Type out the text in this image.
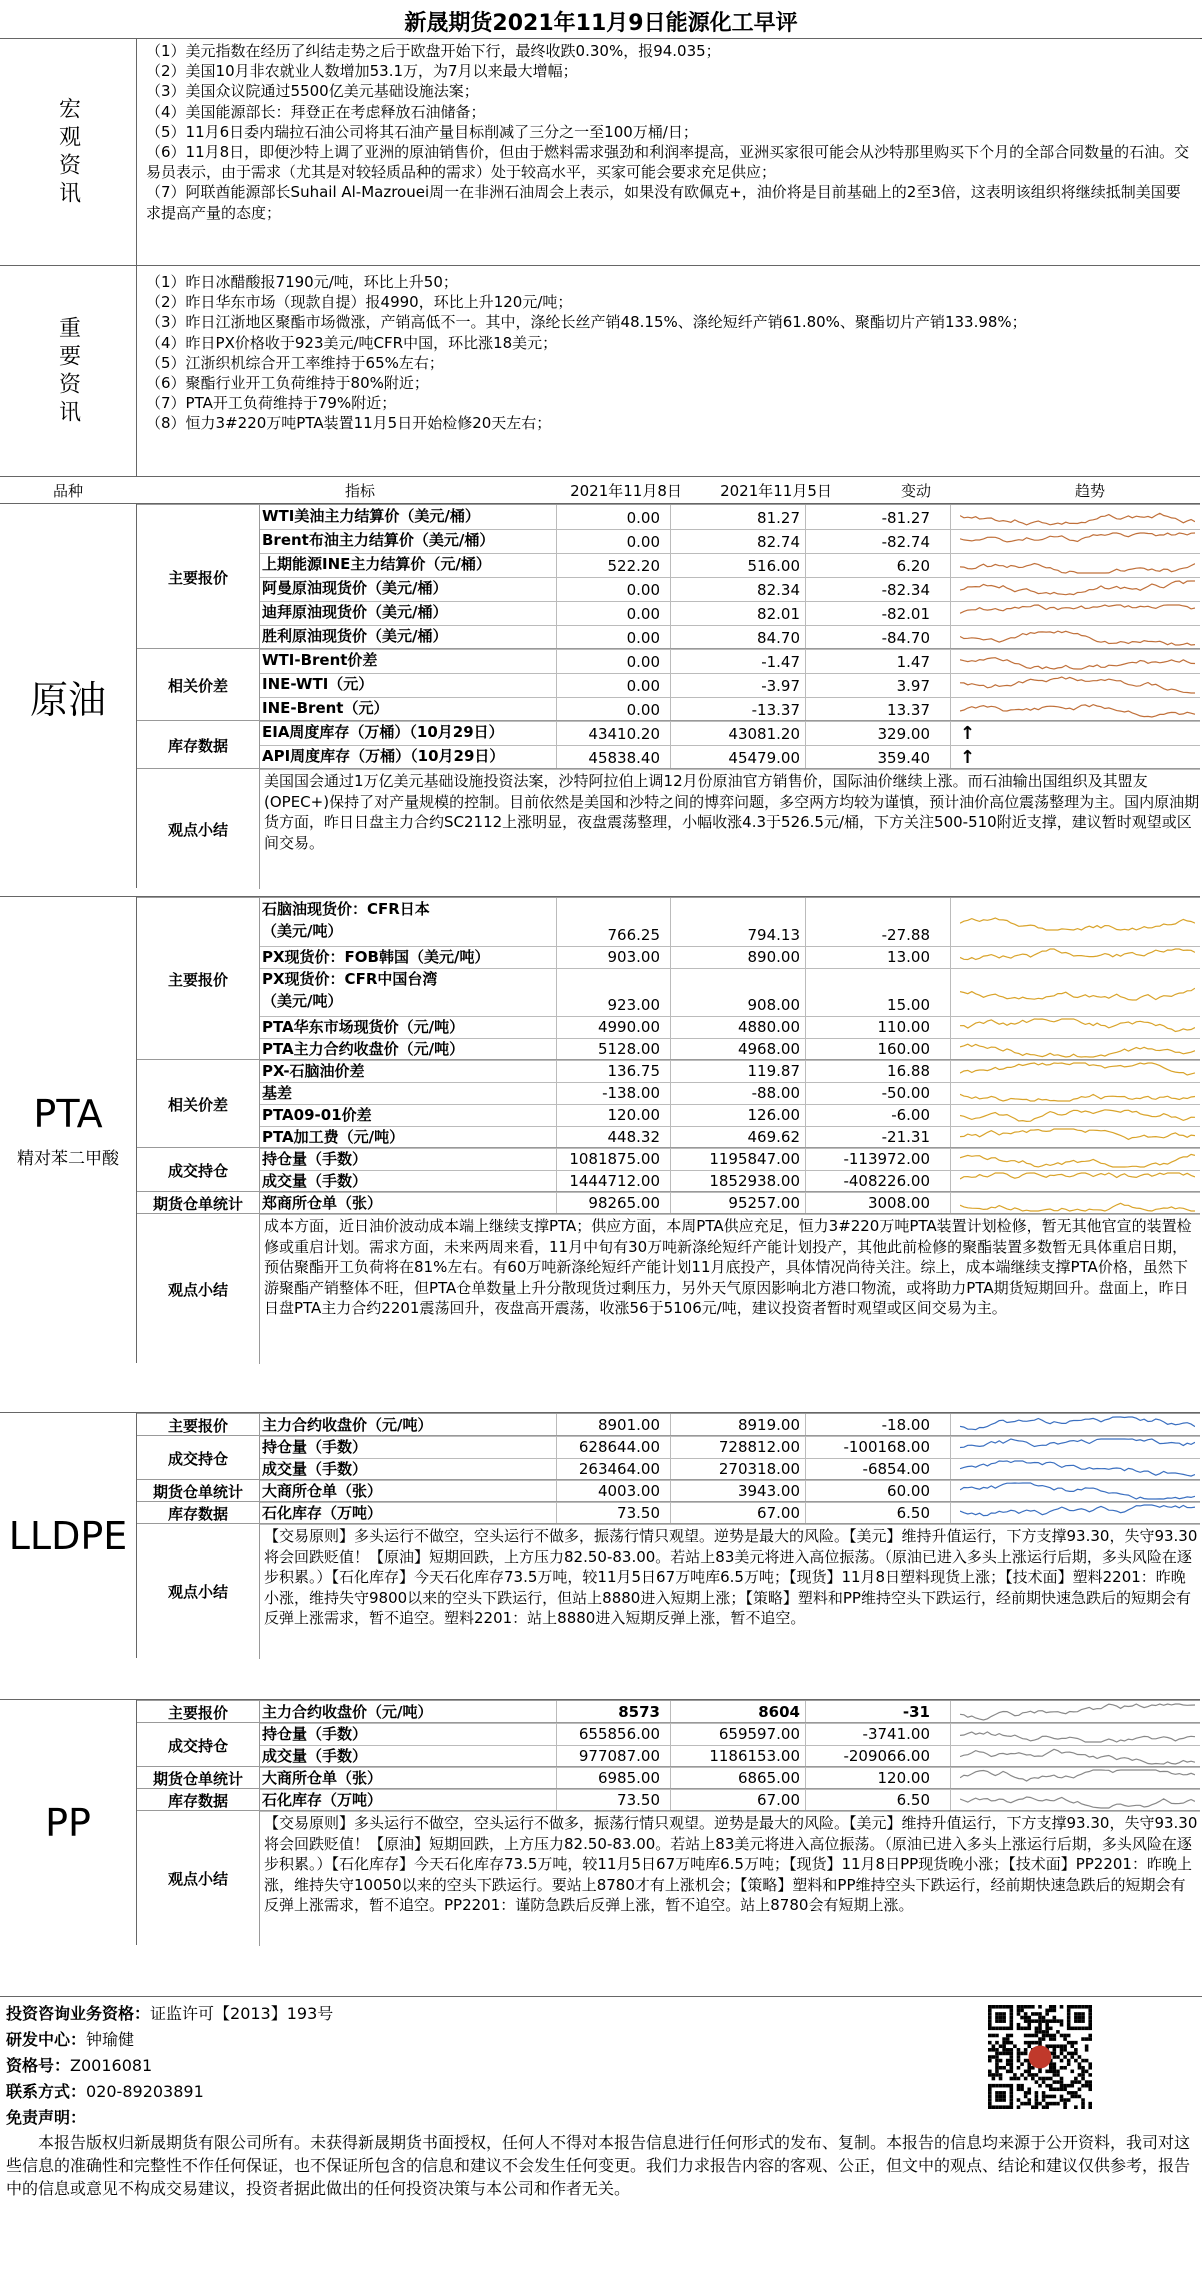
新晟期货2021年11月9日能源化工早评
宏观资讯
（1）美元指数在经历了纠结走势之后于欧盘开始下行，最终收跌0.30%，报94.035；
（2）美国10月非农就业人数增加53.1万，为7月以来最大增幅；
（3）美国众议院通过5500亿美元基础设施法案；
（4）美国能源部长：拜登正在考虑释放石油储备；
（5）11月6日委内瑞拉石油公司将其石油产量目标削减了三分之一至100万桶/日；
（6）11月8日，即便沙特上调了亚洲的原油销售价，但由于燃料需求强劲和利润率提高，亚洲买家很可能会从沙特那里购买下个月的全部合同数量的石油。交易员表示，由于需求（尤其是对较轻质品种的需求）处于较高水平，买家可能会要求充足供应；
（7）阿联酋能源部长Suhail Al-Mazrouei周一在非洲石油周会上表示，如果没有欧佩克+，油价将是目前基础上的2至3倍，这表明该组织将继续抵制美国要求提高产量的态度；
重要资讯
（1）昨日冰醋酸报7190元/吨，环比上升50；
（2）昨日华东市场（现款自提）报4990，环比上升120元/吨；
（3）昨日江浙地区聚酯市场微涨，产销高低不一。其中，涤纶长丝产销48.15%、涤纶短纤产销61.80%、聚酯切片产销133.98%；
（4）昨日PX价格收于923美元/吨CFR中国，环比涨18美元；
（5）江浙织机综合开工率维持于65%左右；
（6）聚酯行业开工负荷维持于80%附近；
（7）PTA开工负荷维持于79%附近；
（8）恒力3#220万吨PTA装置11月5日开始检修20天左右；
品种	指标	2021年11月8日	2021年11月5日	变动	趋势
原油
主要报价
WTI美油主力结算价（美元/桶）	0.00	81.27	-81.27
Brent布油主力结算价（美元/桶）	0.00	82.74	-82.74
上期能源INE主力结算价（元/桶）	522.20	516.00	6.20
阿曼原油现货价（美元/桶）	0.00	82.34	-82.34
迪拜原油现货价（美元/桶）	0.00	82.01	-82.01
胜利原油现货价（美元/桶）	0.00	84.70	-84.70
相关价差
WTI-Brent价差	0.00	-1.47	1.47
INE-WTI（元）	0.00	-3.97	3.97
INE-Brent（元）	0.00	-13.37	13.37
库存数据
EIA周度库存（万桶）（10月29日）	43410.20	43081.20	329.00 ↑
API周度库存（万桶）（10月29日）	45838.40	45479.00	359.40 ↑
观点小结
美国国会通过1万亿美元基础设施投资法案，沙特阿拉伯上调12月份原油官方销售价，国际油价继续上涨。而石油输出国组织及其盟友(OPEC+)保持了对产量规模的控制。目前依然是美国和沙特之间的博弈问题，多空两方均较为谨慎，预计油价高位震荡整理为主。国内原油期货方面，昨日日盘主力合约SC2112上涨明显，夜盘震荡整理，小幅收涨4.3于526.5元/桶，下方关注500-510附近支撑，建议暂时观望或区间交易。
PTA
精对苯二甲酸
主要报价
石脑油现货价：CFR日本
（美元/吨）	766.25	794.13	-27.88
PX现货价：FOB韩国（美元/吨）	903.00	890.00	13.00
PX现货价：CFR中国台湾
（美元/吨）	923.00	908.00	15.00
PTA华东市场现货价（元/吨）	4990.00	4880.00	110.00
PTA主力合约收盘价（元/吨）	5128.00	4968.00	160.00
相关价差
PX-石脑油价差	136.75	119.87	16.88
基差	-138.00	-88.00	-50.00
PTA09-01价差	120.00	126.00	-6.00
PTA加工费（元/吨）	448.32	469.62	-21.31
成交持仓
持仓量（手数）	1081875.00	1195847.00	-113972.00
成交量（手数）	1444712.00	1852938.00	-408226.00
期货仓单统计	郑商所仓单（张）	98265.00	95257.00	3008.00
观点小结
成本方面，近日油价波动成本端上继续支撑PTA；供应方面，本周PTA供应充足，恒力3#220万吨PTA装置计划检修，暂无其他官宣的装置检修或重启计划。需求方面，未来两周来看，11月中旬有30万吨新涤纶短纤产能计划投产，其他此前检修的聚酯装置多数暂无具体重启日期，预估聚酯开工负荷将在81%左右。有60万吨新涤纶短纤产能计划11月底投产，具体情况尚待关注。综上，成本端继续支撑PTA价格，虽然下游聚酯产销整体不旺，但PTA仓单数量上升分散现货过剩压力，另外天气原因影响北方港口物流，或将助力PTA期货短期回升。盘面上，昨日日盘PTA主力合约2201震荡回升，夜盘高开震荡，收涨56于5106元/吨，建议投资者暂时观望或区间交易为主。
LLDPE
主要报价	主力合约收盘价（元/吨）	8901.00	8919.00	-18.00
成交持仓
持仓量（手数）	628644.00	728812.00	-100168.00
成交量（手数）	263464.00	270318.00	-6854.00
期货仓单统计	大商所仓单（张）	4003.00	3943.00	60.00
库存数据	石化库存（万吨）	73.50	67.00	6.50
观点小结
【交易原则】多头运行不做空，空头运行不做多，振荡行情只观望。逆势是最大的风险。【美元】维持升值运行，下方支撑93.30，失守93.30将会回跌贬值！【原油】短期回跌，上方压力82.50-83.00。若站上83美元将进入高位振荡。（原油已进入多头上涨运行后期，多头风险在逐步积累。）【石化库存】今天石化库存73.5万吨，较11月5日67万吨库6.5万吨；【现货】11月8日塑料现货上涨；【技术面】塑料2201：昨晚小涨，维持失守9800以来的空头下跌运行，但站上8880进入短期上涨；【策略】塑料和PP维持空头下跌运行，经前期快速急跌后的短期会有反弹上涨需求，暂不追空。塑料2201：站上8880进入短期反弹上涨，暂不追空。
PP
主要报价	主力合约收盘价（元/吨）	8573	8604	-31
成交持仓
持仓量（手数）	655856.00	659597.00	-3741.00
成交量（手数）	977087.00	1186153.00	-209066.00
期货仓单统计	大商所仓单（张）	6985.00	6865.00	120.00
库存数据	石化库存（万吨）	73.50	67.00	6.50
观点小结
【交易原则】多头运行不做空，空头运行不做多，振荡行情只观望。逆势是最大的风险。【美元】维持升值运行，下方支撑93.30，失守93.30将会回跌贬值！【原油】短期回跌，上方压力82.50-83.00。若站上83美元将进入高位振荡。（原油已进入多头上涨运行后期，多头风险在逐步积累。）【石化库存】今天石化库存73.5万吨，较11月5日67万吨库6.5万吨；【现货】11月8日PP现货晚小涨；【技术面】PP2201：昨晚上涨，维持失守10050以来的空头下跌运行。要站上8780才有上涨机会；【策略】塑料和PP维持空头下跌运行，经前期快速急跌后的短期会有反弹上涨需求，暂不追空。PP2201：谨防急跌后反弹上涨，暂不追空。站上8780会有短期上涨。
投资咨询业务资格：证监许可【2013】193号
研发中心：钟瑜健
资格号：Z0016081
联系方式：020-89203891
免责声明：
本报告版权归新晟期货有限公司所有。未获得新晟期货书面授权，任何人不得对本报告信息进行任何形式的发布、复制。本报告的信息均来源于公开资料，我司对这些信息的准确性和完整性不作任何保证，也不保证所包含的信息和建议不会发生任何变更。我们力求报告内容的客观、公正，但文中的观点、结论和建议仅供参考，报告中的信息或意见不构成交易建议，投资者据此做出的任何投资决策与本公司和作者无关。
